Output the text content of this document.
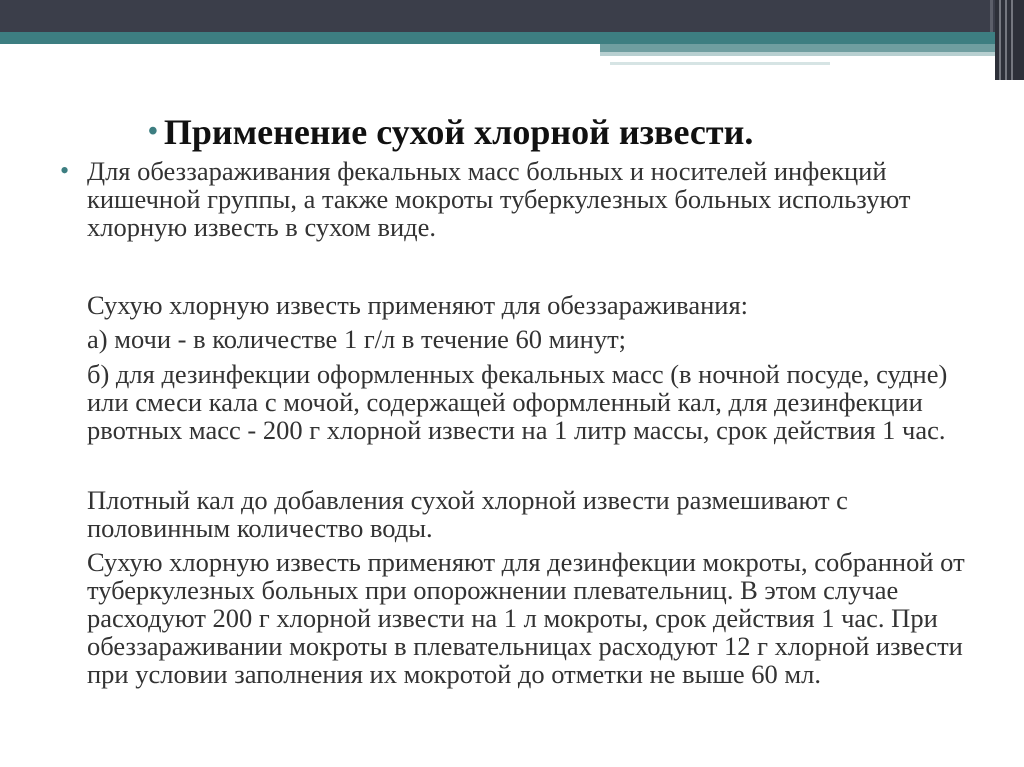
• Применение сухой хлорной извести.

• Для обеззараживания фекальных масс больных и носителей инфекций кишечной группы, а также мокроты туберкулезных больных используют хлорную известь в сухом виде.

Сухую хлорную известь применяют для обеззараживания:

а) мочи - в количестве 1 г/л в течение 60 минут;

б) для дезинфекции оформленных фекальных масс (в ночной посуде, судне) или смеси кала с мочой, содержащей оформленный кал, для дезинфекции рвотных масс - 200 г хлорной извести на 1 литр массы, срок действия 1 час.

Плотный кал до добавления сухой хлорной извести размешивают с половинным количество воды.

Сухую хлорную известь применяют для дезинфекции мокроты, собранной от туберкулезных больных при опорожнении плевательниц. В этом случае расходуют 200 г хлорной извести на 1 л мокроты, срок действия 1 час. При обеззараживании мокроты в плевательницах расходуют 12 г хлорной извести при условии заполнения их мокротой до отметки не выше 60 мл.
